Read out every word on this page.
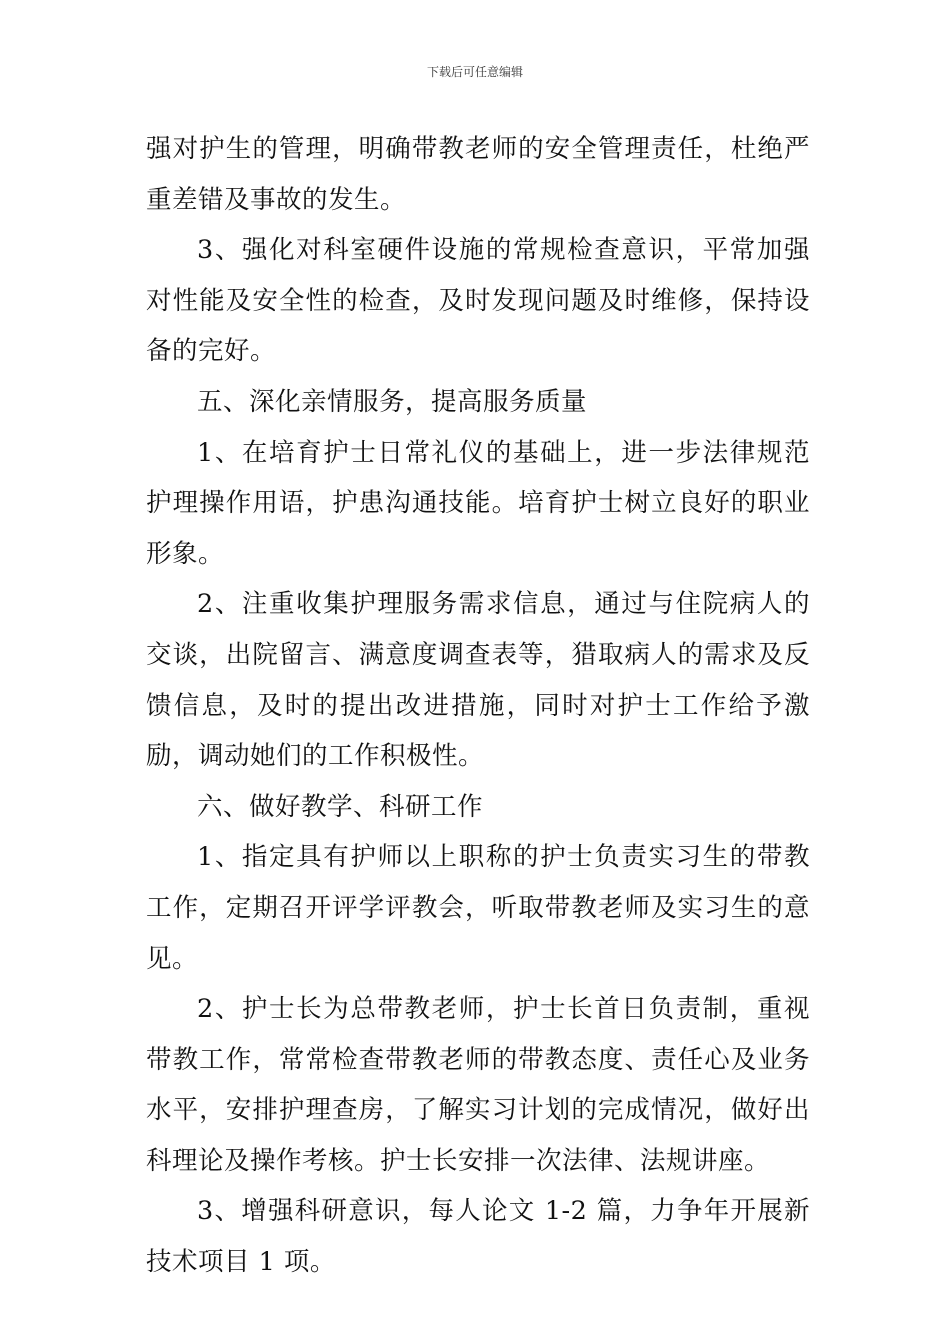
下载后可任意编辑

强对护生的管理，明确带教老师的安全管理责任，杜绝严重差错及事故的发生。

3、强化对科室硬件设施的常规检查意识，平常加强对性能及安全性的检查，及时发现问题及时维修，保持设备的完好。

五、深化亲情服务，提高服务质量

1、在培育护士日常礼仪的基础上，进一步法律规范护理操作用语，护患沟通技能。培育护士树立良好的职业形象。

2、注重收集护理服务需求信息，通过与住院病人的交谈，出院留言、满意度调查表等，猎取病人的需求及反馈信息，及时的提出改进措施，同时对护士工作给予激励，调动她们的工作积极性。

六、做好教学、科研工作

1、指定具有护师以上职称的护士负责实习生的带教工作，定期召开评学评教会，听取带教老师及实习生的意见。

2、护士长为总带教老师，护士长首日负责制，重视带教工作，常常检查带教老师的带教态度、责任心及业务水平，安排护理查房，了解实习计划的完成情况，做好出科理论及操作考核。护士长安排一次法律、法规讲座。

3、增强科研意识，每人论文 1-2 篇，力争年开展新技术项目 1 项。
